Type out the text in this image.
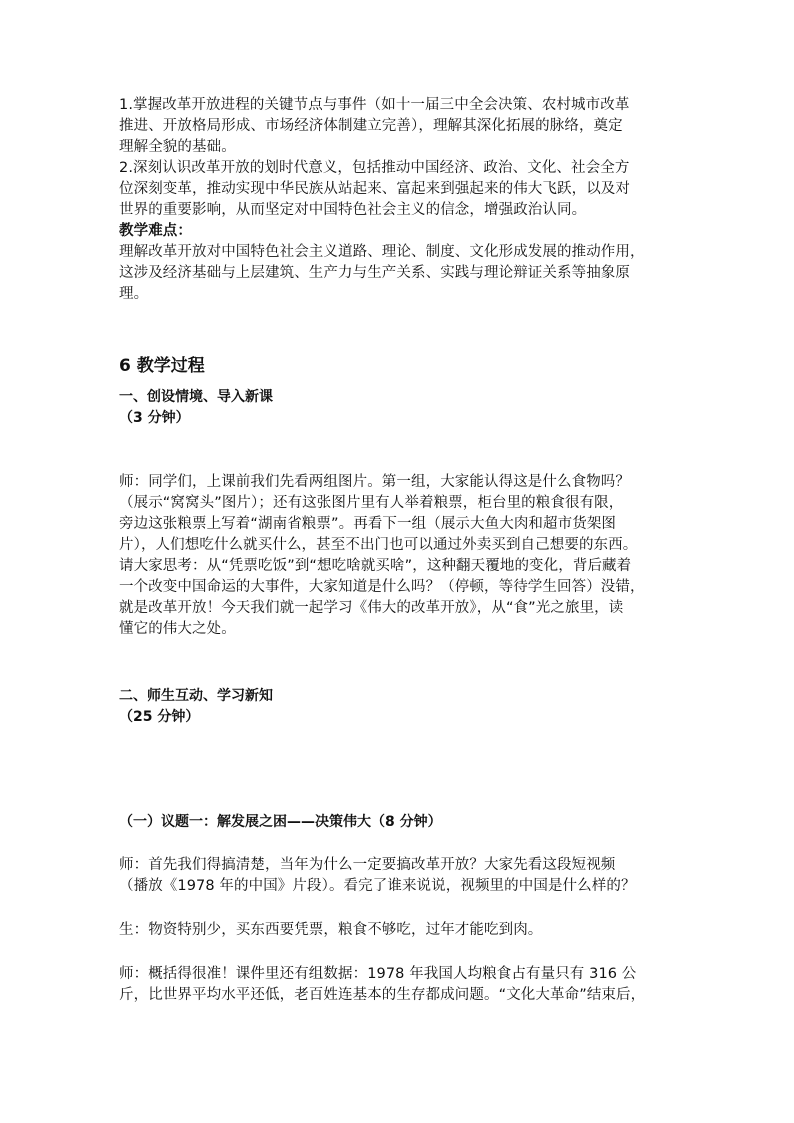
1.掌握改革开放进程的关键节点与事件（如十一届三中全会决策、农村城市改革
推进、开放格局形成、市场经济体制建立完善），理解其深化拓展的脉络，奠定
理解全貌的基础。
2.深刻认识改革开放的划时代意义，包括推动中国经济、政治、文化、社会全方
位深刻变革，推动实现中华民族从站起来、富起来到强起来的伟大飞跃，以及对
世界的重要影响，从而坚定对中国特色社会主义的信念，增强政治认同。
教学难点：
理解改革开放对中国特色社会主义道路、理论、制度、文化形成发展的推动作用，
这涉及经济基础与上层建筑、生产力与生产关系、实践与理论辩证关系等抽象原
理。
6 教学过程
一、创设情境、导入新课
（3 分钟）
师：同学们，上课前我们先看两组图片。第一组，大家能认得这是什么食物吗？
（展示“窝窝头”图片）；还有这张图片里有人举着粮票，柜台里的粮食很有限，
旁边这张粮票上写着“湖南省粮票”。再看下一组（展示大鱼大肉和超市货架图
片），人们想吃什么就买什么，甚至不出门也可以通过外卖买到自己想要的东西。
请大家思考：从“凭票吃饭”到“想吃啥就买啥”，这种翻天覆地的变化，背后藏着
一个改变中国命运的大事件，大家知道是什么吗？（停顿，等待学生回答）没错，
就是改革开放！今天我们就一起学习《伟大的改革开放》，从“食”光之旅里，读
懂它的伟大之处。
二、师生互动、学习新知
（25 分钟）
（一）议题一：解发展之困——决策伟大（8 分钟）
师：首先我们得搞清楚，当年为什么一定要搞改革开放？大家先看这段短视频
（播放《1978 年的中国》片段）。看完了谁来说说，视频里的中国是什么样的？
生：物资特别少，买东西要凭票，粮食不够吃，过年才能吃到肉。
师：概括得很准！课件里还有组数据：1978 年我国人均粮食占有量只有 316 公
斤，比世界平均水平还低，老百姓连基本的生存都成问题。“文化大革命”结束后，
